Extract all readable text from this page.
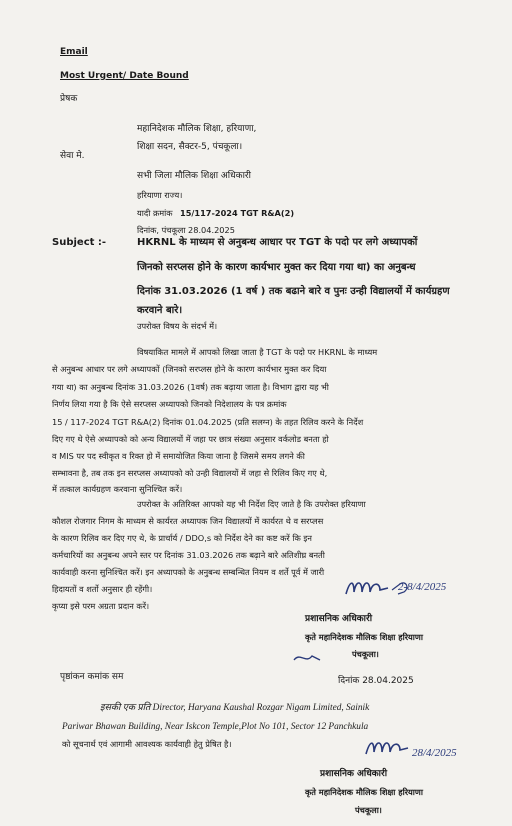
Email
Most Urgent/ Date Bound
प्रेषक
महानिदेशक मौलिक शिक्षा, हरियाणा,
शिक्षा सदन, सैक्टर-5, पंचकूला।
सेवा मे.
सभी जिला मौलिक शिक्षा अधिकारी
हरियाणा राज्य।
यादी क्रमांक 15/117-2024 TGT R&A(2)
दिनांक, पंचकूला 28.04.2025
Subject :-	HKRNL के माध्यम से अनुबन्ध आधार पर TGT के पदो पर लगे अध्यापकों
जिनको सरप्लस होने के कारण कार्यभार मुक्त कर दिया गया था) का अनुबन्ध
दिनांक 31.03.2026 (1 वर्ष ) तक बढाने बारे व पुनः उन्ही विद्यालयों में कार्यग्रहण
करवाने बारे।
उपरोक्त विषय के संदर्भ में।
विषयाकित मामले में आपको लिखा जाता है TGT के पदो पर HKRNL के माध्यम
से अनुबन्ध आधार पर लगे अध्यापकों (जिनको सरप्लस होने के कारण कार्यभार मुक्त कर दिया
गया था) का अनुबन्ध दिनांक 31.03.2026 (1वर्ष) तक बढ़ाया जाता है। विभाग द्वारा यह भी
निर्णय लिया गया है कि ऐसे सरप्लस अध्यापको जिनको निदेशालय के पत्र क्रमांक
15 / 117-2024 TGT R&A(2) दिनांक 01.04.2025 (प्रति सलग्न) के तहत रिलिव करने के निर्देश
दिए गए थे ऐसे अध्यापको को अन्य विद्यालयों में जहा पर छात्र संख्या अनुसार वर्कलोड बनता हो
व MIS पर पद स्वीकृत व रिक्त हो में समायोजित किया जाना है जिसमे समय लगने की
सम्भावना है, तब तक इन सरप्लस अध्यापको को उन्ही विद्यालयों में जहा से रिलिव किए गए थे,
में तत्काल कार्यग्रहण करवाना सुनिश्चित करें।
उपरोक्त के अतिरिक्त आपको यह भी निर्देश दिए जाते है कि उपरोक्त हरियाणा
कौशल रोजगार निगम के माध्यम से कार्यरत अध्यापक जिन विद्यालयों में कार्यरत थे व सरप्लस
के कारण रिलिव कर दिए गए थे, के प्रार्चार्य / DDO,s को निर्देश देने का कष्ट करें कि इन
कर्मचारियों का अनुबन्ध अपने स्तर पर दिनांक 31.03.2026 तक बढ़ाने बारे अतिशीघ्र बनती
कार्यवाही करना सुनिश्चित करें। इन अध्यापको के अनुबन्ध सम्बन्धित नियम व शर्ते पूर्व में जारी
हिदायतों व शर्तो अनुसार ही रहेंगी।
कृप्या इसे परम अग्रता प्रदान करें।
2-8/4/2025
प्रशासनिक अधिकारी
कृते महानिदेशक मौलिक शिक्षा हरियाणा
पंचकूला।
पृष्ठांकन कमांक सम	दिनांक 28.04.2025
इसकी एक प्रति Director, Haryana Kaushal Rozgar Nigam Limited, Sainik
Pariwar Bhawan Building, Near Iskcon Temple,Plot No 101, Sector 12 Panchkula
को सूचनार्थ एवं आगामी आवश्यक कार्यवाही हेतु प्रेषित है।
28/4/2025
प्रशासनिक अधिकारी
कृते महानिदेशक मौलिक शिक्षा हरियाणा
पंचकूला।
